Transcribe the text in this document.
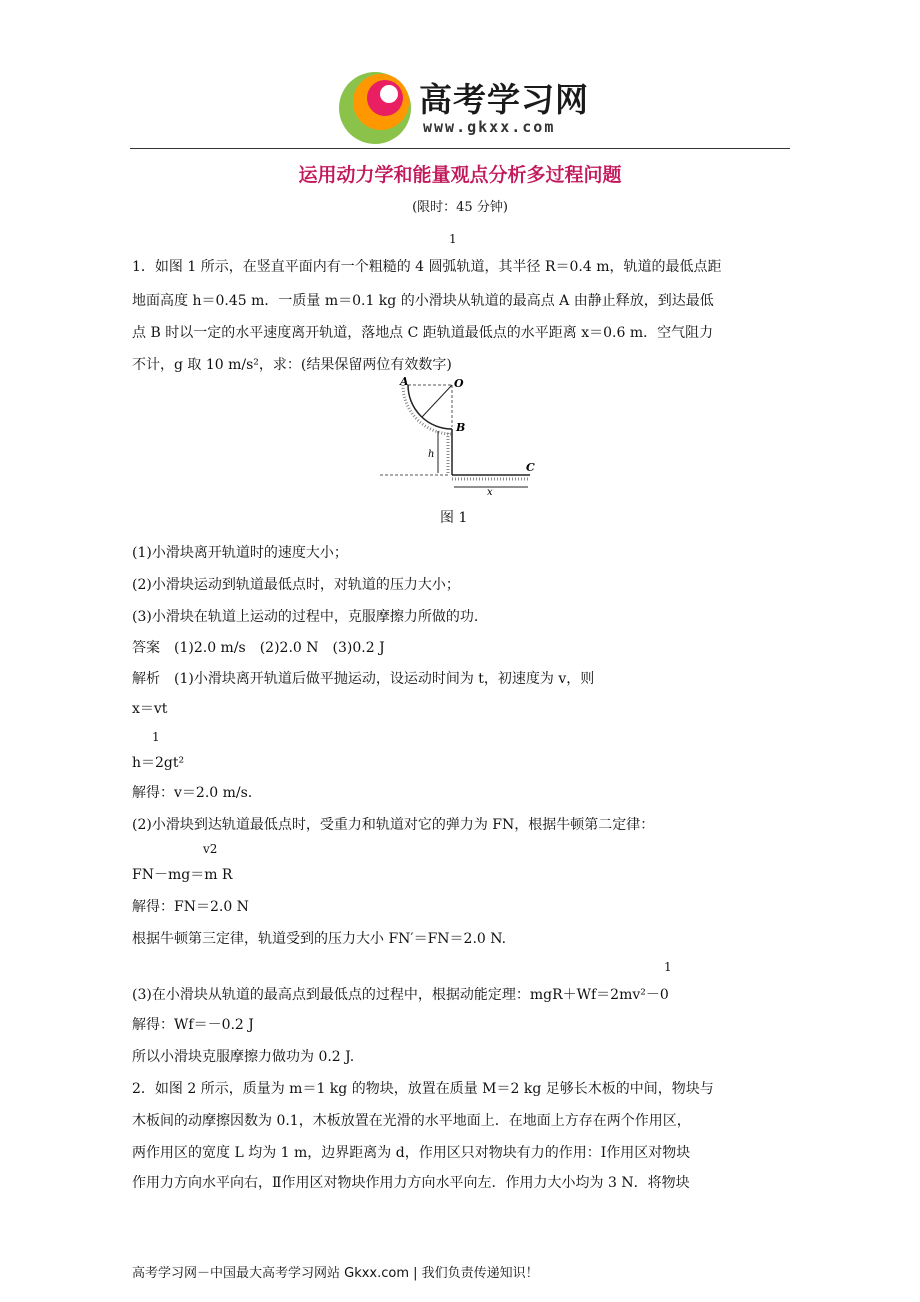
高考学习网
www.gkxx.com
运用动力学和能量观点分析多过程问题
(限时：45 分钟)
1
1．如图 1 所示，在竖直平面内有一个粗糙的 4 圆弧轨道，其半径 R＝0.4 m，轨道的最低点距
地面高度 h＝0.45 m．一质量 m＝0.1 kg 的小滑块从轨道的最高点 A 由静止释放，到达最低
点 B 时以一定的水平速度离开轨道，落地点 C 距轨道最低点的水平距离 x＝0.6 m．空气阻力
不计，g 取 10 m/s²，求：(结果保留两位有效数字)
A	O
B
C
h
x
图 1
(1)小滑块离开轨道时的速度大小；
(2)小滑块运动到轨道最低点时，对轨道的压力大小；
(3)小滑块在轨道上运动的过程中，克服摩擦力所做的功.
答案　(1)2.0 m/s　(2)2.0 N　(3)0.2 J
解析　(1)小滑块离开轨道后做平抛运动，设运动时间为 t，初速度为 v，则
x＝vt
1
h＝2gt²
解得：v＝2.0 m/s.
(2)小滑块到达轨道最低点时，受重力和轨道对它的弹力为 FN，根据牛顿第二定律：
v2
FN－mg＝m R
解得：FN＝2.0 N
根据牛顿第三定律，轨道受到的压力大小 FN′＝FN＝2.0 N.
1
(3)在小滑块从轨道的最高点到最低点的过程中，根据动能定理：mgR＋Wf＝2mv²－0
解得：Wf＝－0.2 J
所以小滑块克服摩擦力做功为 0.2 J.
2．如图 2 所示，质量为 m＝1 kg 的物块，放置在质量 M＝2 kg 足够长木板的中间，物块与
木板间的动摩擦因数为 0.1，木板放置在光滑的水平地面上．在地面上方存在两个作用区，
两作用区的宽度 L 均为 1 m，边界距离为 d，作用区只对物块有力的作用：Ⅰ作用区对物块
作用力方向水平向右，Ⅱ作用区对物块作用力方向水平向左．作用力大小均为 3 N．将物块
高考学习网－中国最大高考学习网站 Gkxx.com | 我们负责传递知识！
